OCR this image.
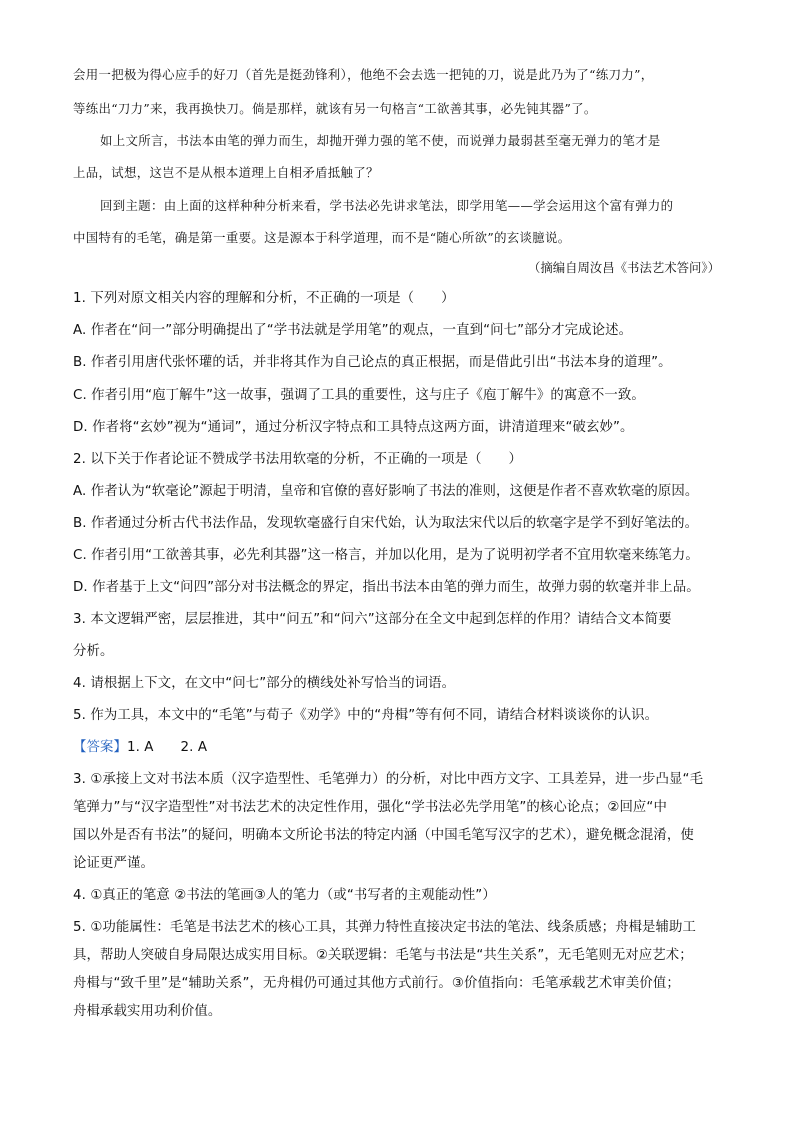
会用一把极为得心应手的好刀（首先是挺劲锋利），他绝不会去选一把钝的刀，说是此乃为了“练刀力”，
等练出“刀力”来，我再换快刀。倘是那样，就该有另一句格言“工欲善其事，必先钝其器”了。
如上文所言，书法本由笔的弹力而生，却抛开弹力强的笔不使，而说弹力最弱甚至毫无弹力的笔才是
上品，试想，这岂不是从根本道理上自相矛盾抵触了？
回到主题：由上面的这样种种分析来看，学书法必先讲求笔法，即学用笔——学会运用这个富有弹力的
中国特有的毛笔，确是第一重要。这是源本于科学道理，而不是“随心所欲”的玄谈臆说。
（摘编自周汝昌《书法艺术答问》）
1. 下列对原文相关内容的理解和分析，不正确的一项是（　　）
A. 作者在“问一”部分明确提出了“学书法就是学用笔”的观点，一直到“问七”部分才完成论述。
B. 作者引用唐代张怀瓘的话，并非将其作为自己论点的真正根据，而是借此引出“书法本身的道理”。
C. 作者引用“庖丁解牛”这一故事，强调了工具的重要性，这与庄子《庖丁解牛》的寓意不一致。
D. 作者将“玄妙”视为“通词”，通过分析汉字特点和工具特点这两方面，讲清道理来“破玄妙”。
2. 以下关于作者论证不赞成学书法用软毫的分析，不正确的一项是（　　）
A. 作者认为“软毫论”源起于明清，皇帝和官僚的喜好影响了书法的准则，这便是作者不喜欢软毫的原因。
B. 作者通过分析古代书法作品，发现软毫盛行自宋代始，认为取法宋代以后的软毫字是学不到好笔法的。
C. 作者引用“工欲善其事，必先利其器”这一格言，并加以化用，是为了说明初学者不宜用软毫来练笔力。
D. 作者基于上文“问四”部分对书法概念的界定，指出书法本由笔的弹力而生，故弹力弱的软毫并非上品。
3. 本文逻辑严密，层层推进，其中“问五”和“问六”这部分在全文中起到怎样的作用？请结合文本简要
分析。
4. 请根据上下文，在文中“问七”部分的横线处补写恰当的词语。
5. 作为工具，本文中的“毛笔”与荀子《劝学》中的“舟楫”等有何不同，请结合材料谈谈你的认识。
【答案】1. A　　2. A
3. ①承接上文对书法本质（汉字造型性、毛笔弹力）的分析，对比中西方文字、工具差异，进一步凸显“毛
笔弹力”与“汉字造型性”对书法艺术的决定性作用，强化“学书法必先学用笔”的核心论点；②回应“中
国以外是否有书法”的疑问，明确本文所论书法的特定内涵（中国毛笔写汉字的艺术），避免概念混淆，使
论证更严谨。
4. ①真正的笔意 ②书法的笔画③人的笔力（或“书写者的主观能动性”）
5. ①功能属性：毛笔是书法艺术的核心工具，其弹力特性直接决定书法的笔法、线条质感；舟楫是辅助工
具，帮助人突破自身局限达成实用目标。②关联逻辑：毛笔与书法是“共生关系”，无毛笔则无对应艺术；
舟楫与“致千里”是“辅助关系”，无舟楫仍可通过其他方式前行。③价值指向：毛笔承载艺术审美价值；
舟楫承载实用功利价值。
